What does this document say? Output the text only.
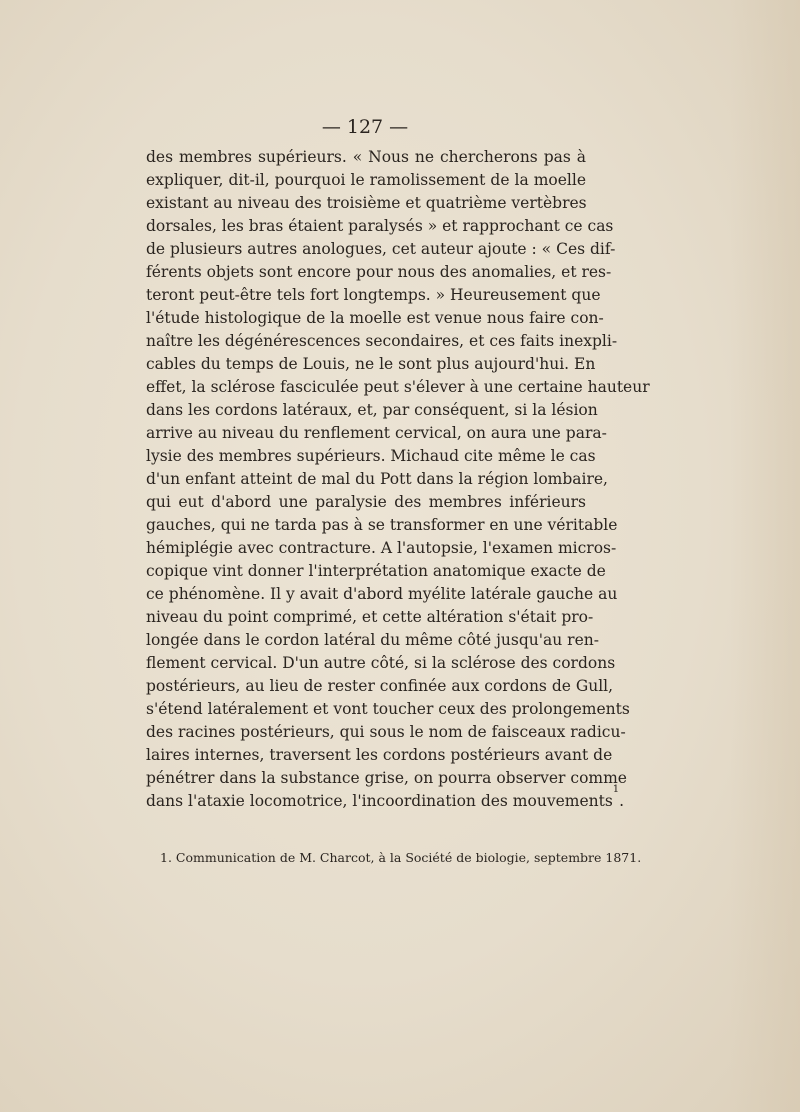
— 127 —
des membres supérieurs. « Nous ne chercherons pas à
expliquer, dit-il, pourquoi le ramolissement de la moelle
existant au niveau des troisième et quatrième vertèbres
dorsales, les bras étaient paralysés » et rapprochant ce cas
de plusieurs autres anologues, cet auteur ajoute : « Ces dif-
férents objets sont encore pour nous des anomalies, et res-
teront peut-être tels fort longtemps. » Heureusement que
l'étude histologique de la moelle est venue nous faire con-
naître les dégénérescences secondaires, et ces faits inexpli-
cables du temps de Louis, ne le sont plus aujourd'hui. En
effet, la sclérose fasciculée peut s'élever à une certaine hauteur
dans les cordons latéraux, et, par conséquent, si la lésion
arrive au niveau du renflement cervical, on aura une para-
lysie des membres supérieurs. Michaud cite même le cas
d'un enfant atteint de mal du Pott dans la région lombaire,
qui eut d'abord une paralysie des membres inférieurs
gauches, qui ne tarda pas à se transformer en une véritable
hémiplégie avec contracture. A l'autopsie, l'examen micros-
copique vint donner l'interprétation anatomique exacte de
ce phénomène. Il y avait d'abord myélite latérale gauche au
niveau du point comprimé, et cette altération s'était pro-
longée dans le cordon latéral du même côté jusqu'au ren-
flement cervical. D'un autre côté, si la sclérose des cordons
postérieurs, au lieu de rester confinée aux cordons de Gull,
s'étend latéralement et vont toucher ceux des prolongements
des racines postérieurs, qui sous le nom de faisceaux radicu-
laires internes, traversent les cordons postérieurs avant de
pénétrer dans la substance grise, on pourra observer comme
dans l'ataxie locomotrice, l'incoordination des mouvements$^1$.
1. Communication de M. Charcot, à la Société de biologie, septembre 1871.
